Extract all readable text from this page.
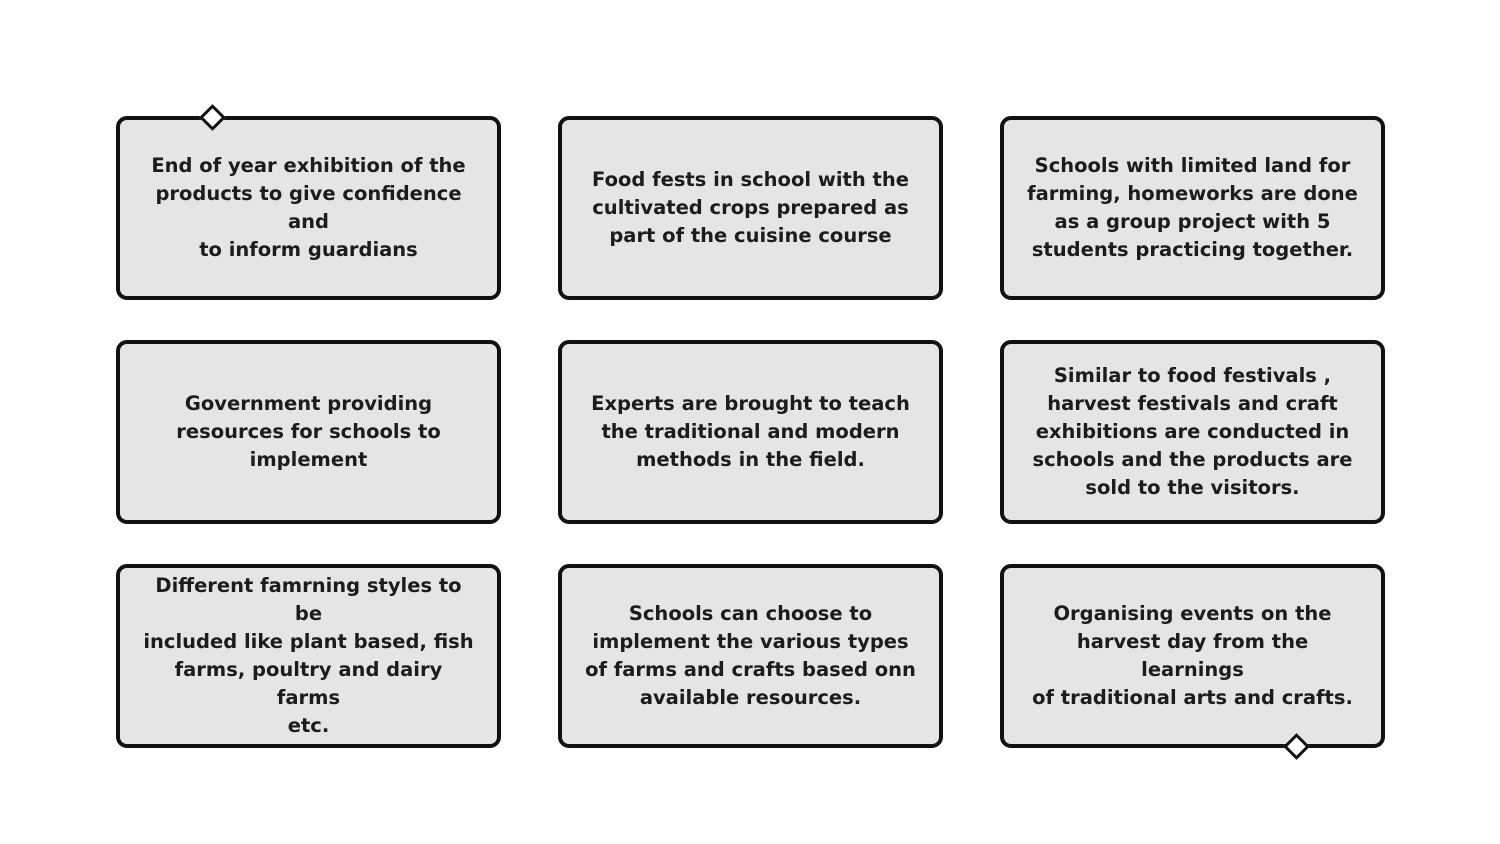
End of year exhibition of the
products to give confidence and
to inform guardians

Food fests in school with the
cultivated crops prepared as
part of the cuisine course

Schools with limited land for
farming, homeworks are done
as a group project with 5
students practicing together.

Government providing
resources for schools to
implement

Experts are brought to teach
the traditional and modern
methods in the field.

Similar to food festivals ,
harvest festivals and craft
exhibitions are conducted in
schools and the products are
sold to the visitors.

Different famrning styles to be
included like plant based, fish
farms, poultry and dairy farms
etc.

Schools can choose to
implement the various types
of farms and crafts based onn
available resources.

Organising events on the
harvest day from the learnings
of traditional arts and crafts.
